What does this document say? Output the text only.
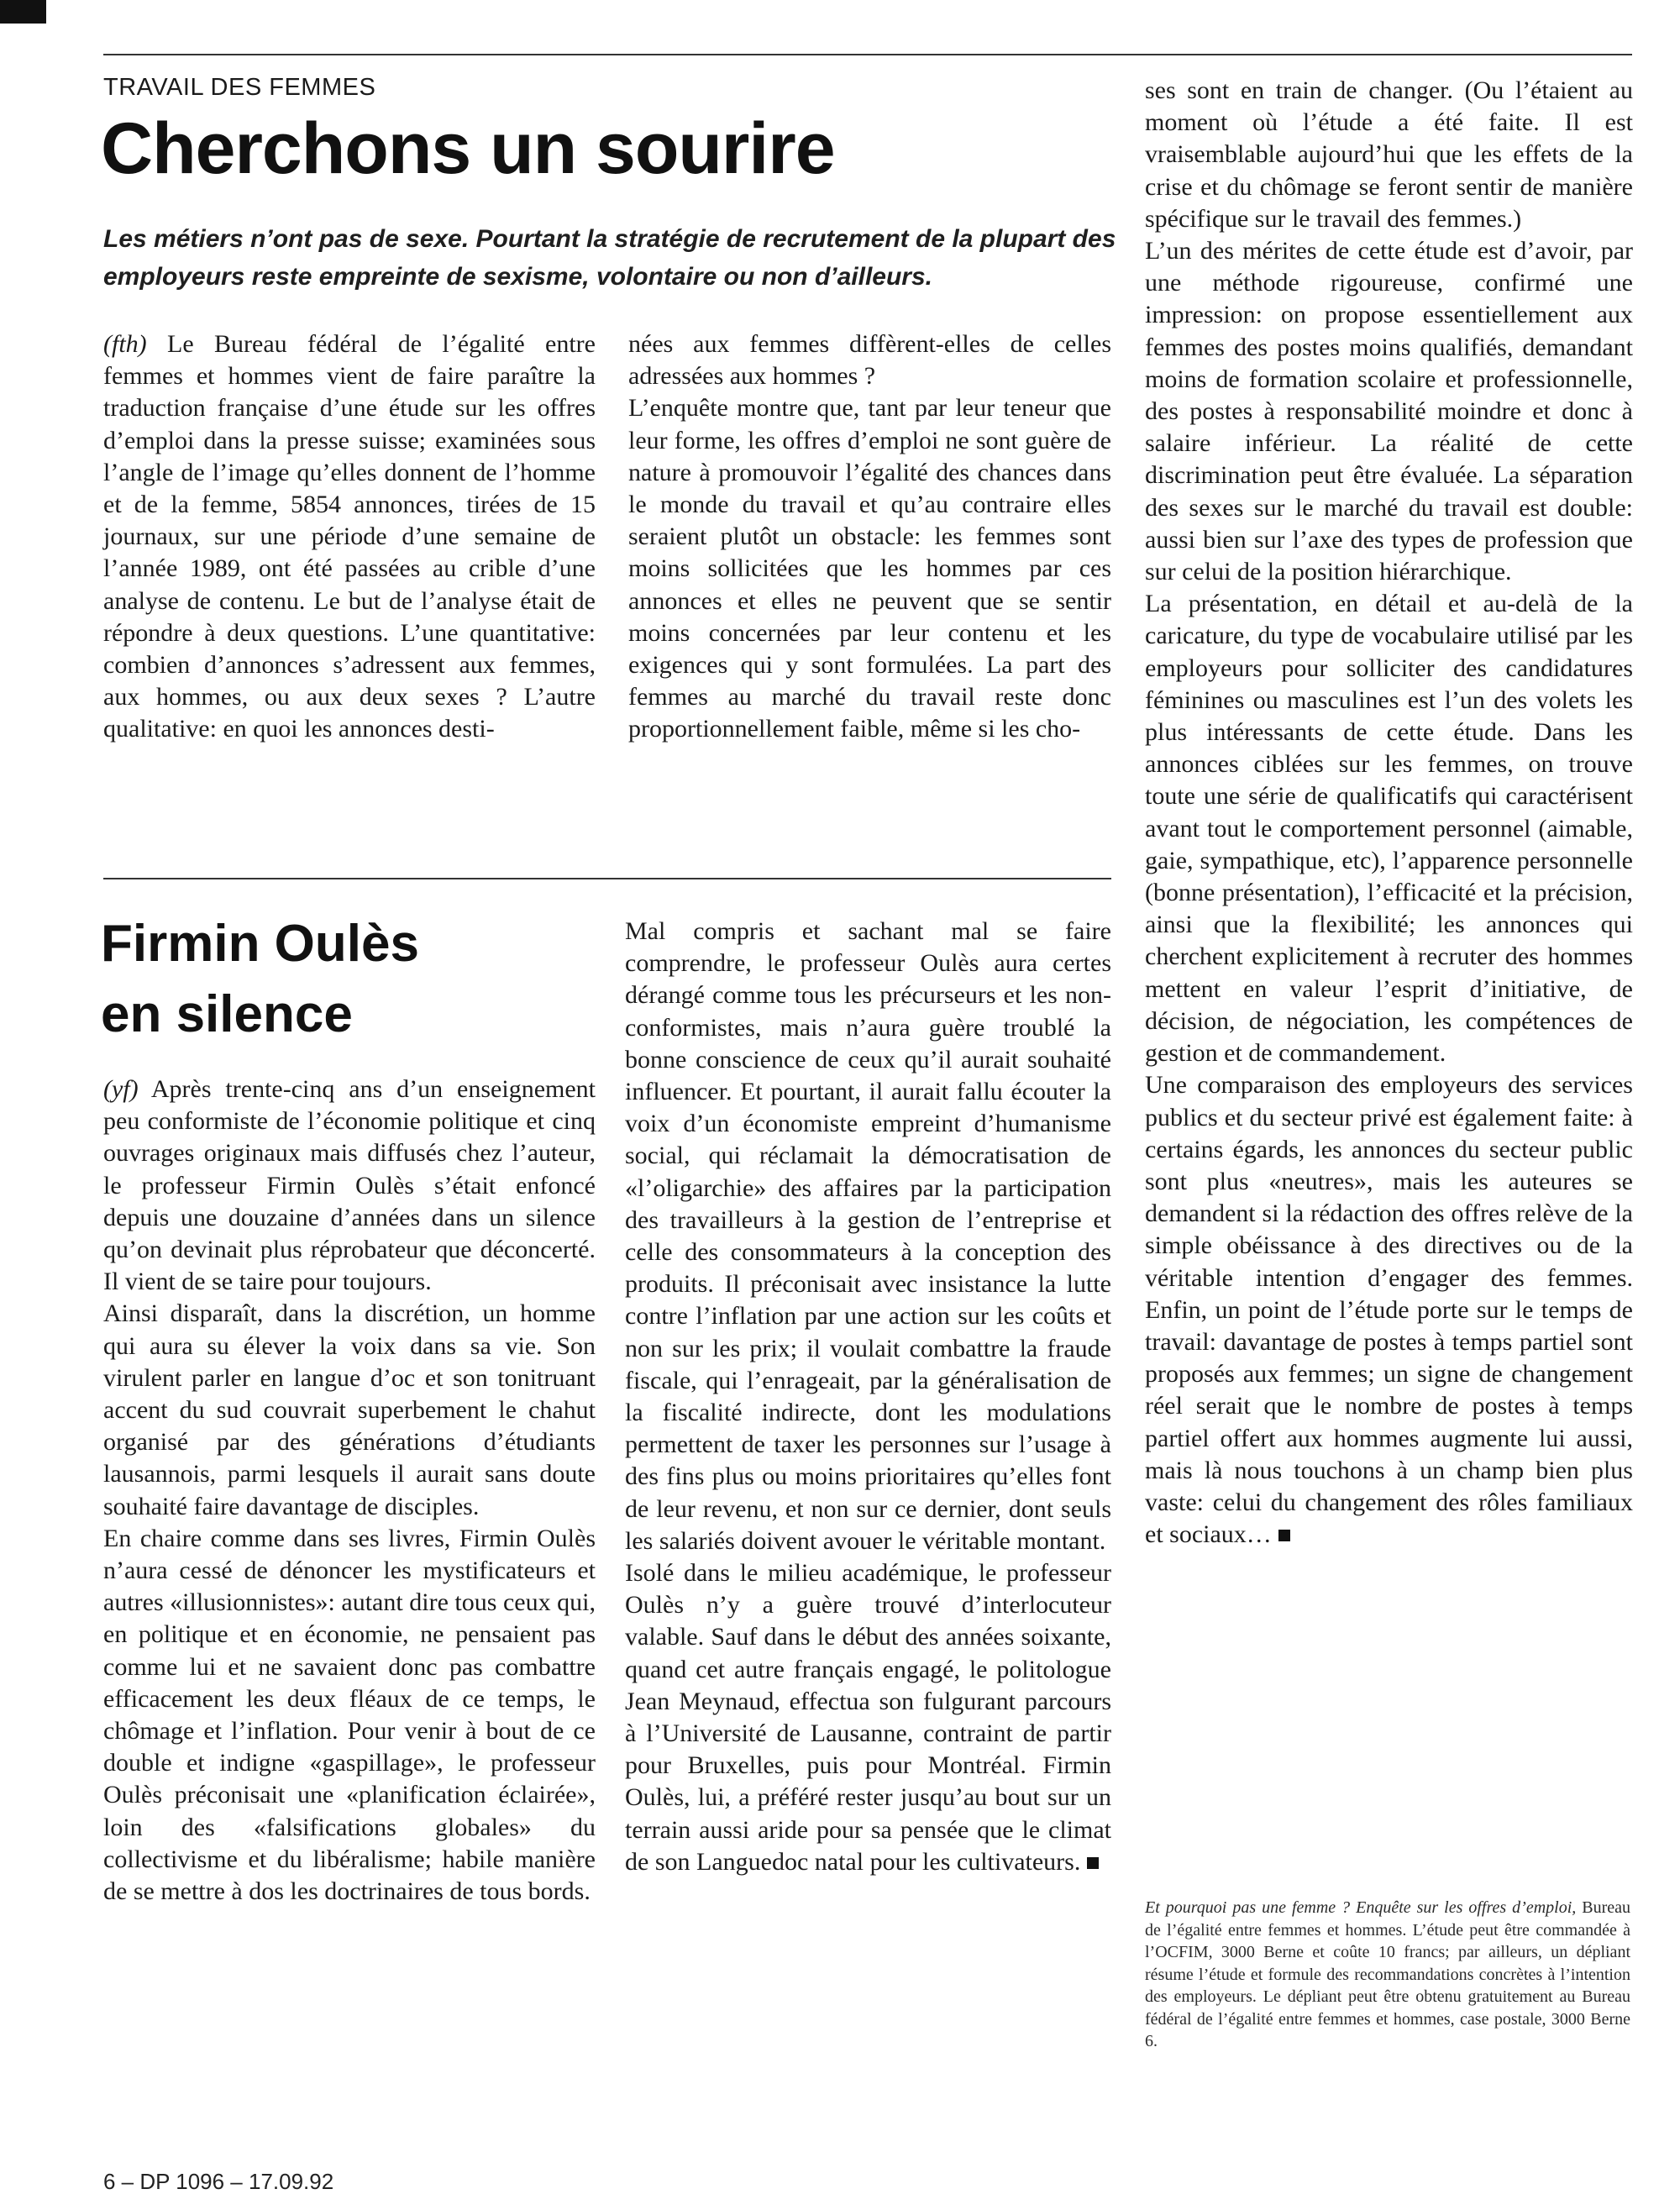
TRAVAIL DES FEMMES
Cherchons un sourire
Les métiers n’ont pas de sexe. Pourtant la stratégie de recrutement de la plupart des employeurs reste empreinte de sexisme, volontaire ou non d’ailleurs.

(fth) Le Bureau fédéral de l’égalité entre femmes et hommes vient de faire paraître la traduction française d’une étude sur les offres d’emploi dans la presse suisse; examinées sous l’angle de l’image qu’elles donnent de l’homme et de la femme, 5854 annonces, tirées de 15 journaux, sur une période d’une semaine de l’année 1989, ont été passées au crible d’une analyse de contenu. Le but de l’analyse était de répondre à deux questions. L’une quantitative: combien d’annonces s’adressent aux femmes, aux hommes, ou aux deux sexes ? L’autre qualitative: en quoi les annonces desti-

nées aux femmes diffèrent-elles de celles adressées aux hommes ?

L’enquête montre que, tant par leur teneur que leur forme, les offres d’emploi ne sont guère de nature à promouvoir l’égalité des chances dans le monde du travail et qu’au contraire elles seraient plutôt un obstacle: les femmes sont moins sollicitées que les hommes par ces annonces et elles ne peuvent que se sentir moins concernées par leur contenu et les exigences qui y sont formulées. La part des femmes au marché du travail reste donc proportionnellement faible, même si les cho-

ses sont en train de changer. (Ou l’étaient au moment où l’étude a été faite. Il est vraisemblable aujourd’hui que les effets de la crise et du chômage se feront sentir de manière spécifique sur le travail des femmes.)

L’un des mérites de cette étude est d’avoir, par une méthode rigoureuse, confirmé une impression: on propose essentiellement aux femmes des postes moins qualifiés, demandant moins de formation scolaire et professionnelle, des postes à responsabilité moindre et donc à salaire inférieur. La réalité de cette discrimination peut être évaluée. La séparation des sexes sur le marché du travail est double: aussi bien sur l’axe des types de profession que sur celui de la position hiérarchique.

La présentation, en détail et au-delà de la caricature, du type de vocabulaire utilisé par les employeurs pour solliciter des candidatures féminines ou masculines est l’un des volets les plus intéressants de cette étude. Dans les annonces ciblées sur les femmes, on trouve toute une série de qualificatifs qui caractérisent avant tout le comportement personnel (aimable, gaie, sympathique, etc), l’apparence personnelle (bonne présentation), l’efficacité et la précision, ainsi que la flexibilité; les annonces qui cherchent explicitement à recruter des hommes mettent en valeur l’esprit d’initiative, de décision, de négociation, les compétences de gestion et de commandement.

Une comparaison des employeurs des services publics et du secteur privé est également faite: à certains égards, les annonces du secteur public sont plus «neutres», mais les auteures se demandent si la rédaction des offres relève de la simple obéissance à des directives ou de la véritable intention d’engager des femmes. Enfin, un point de l’étude porte sur le temps de travail: davantage de postes à temps partiel sont proposés aux femmes; un signe de changement réel serait que le nombre de postes à temps partiel offert aux hommes augmente lui aussi, mais là nous touchons à un champ bien plus vaste: celui du changement des rôles familiaux et sociaux…

Et pourquoi pas une femme ? Enquête sur les offres d’emploi, Bureau de l’égalité entre femmes et hommes. L’étude peut être commandée à l’OCFIM, 3000 Berne et coûte 10 francs; par ailleurs, un dépliant résume l’étude et formule des recommandations concrètes à l’intention des employeurs. Le dépliant peut être obtenu gratuitement au Bureau fédéral de l’égalité entre femmes et hommes, case postale, 3000 Berne 6.
Firmin Oulès
en silence

(yf) Après trente-cinq ans d’un enseignement peu conformiste de l’économie politique et cinq ouvrages originaux mais diffusés chez l’auteur, le professeur Firmin Oulès s’était enfoncé depuis une douzaine d’années dans un silence qu’on devinait plus réprobateur que déconcerté. Il vient de se taire pour toujours.

Ainsi disparaît, dans la discrétion, un homme qui aura su élever la voix dans sa vie. Son virulent parler en langue d’oc et son tonitruant accent du sud couvrait superbement le chahut organisé par des générations d’étudiants lausannois, parmi lesquels il aurait sans doute souhaité faire davantage de disciples.

En chaire comme dans ses livres, Firmin Oulès n’aura cessé de dénoncer les mystificateurs et autres «illusionnistes»: autant dire tous ceux qui, en politique et en économie, ne pensaient pas comme lui et ne savaient donc pas combattre efficacement les deux fléaux de ce temps, le chômage et l’inflation. Pour venir à bout de ce double et indigne «gaspillage», le professeur Oulès préconisait une «planification éclairée», loin des «falsifications globales» du collectivisme et du libéralisme; habile manière de se mettre à dos les doctrinaires de tous bords.

Mal compris et sachant mal se faire comprendre, le professeur Oulès aura certes dérangé comme tous les précurseurs et les non-conformistes, mais n’aura guère troublé la bonne conscience de ceux qu’il aurait souhaité influencer. Et pourtant, il aurait fallu écouter la voix d’un économiste empreint d’humanisme social, qui réclamait la démocratisation de «l’oligarchie» des affaires par la participation des travailleurs à la gestion de l’entreprise et celle des consommateurs à la conception des produits. Il préconisait avec insistance la lutte contre l’inflation par une action sur les coûts et non sur les prix; il voulait combattre la fraude fiscale, qui l’enrageait, par la généralisation de la fiscalité indirecte, dont les modulations permettent de taxer les personnes sur l’usage à des fins plus ou moins prioritaires qu’elles font de leur revenu, et non sur ce dernier, dont seuls les salariés doivent avouer le véritable montant.

Isolé dans le milieu académique, le professeur Oulès n’y a guère trouvé d’interlocuteur valable. Sauf dans le début des années soixante, quand cet autre français engagé, le politologue Jean Meynaud, effectua son fulgurant parcours à l’Université de Lausanne, contraint de partir pour Bruxelles, puis pour Montréal. Firmin Oulès, lui, a préféré rester jusqu’au bout sur un terrain aussi aride pour sa pensée que le climat de son Languedoc natal pour les cultivateurs.

6 – DP 1096 – 17.09.92
